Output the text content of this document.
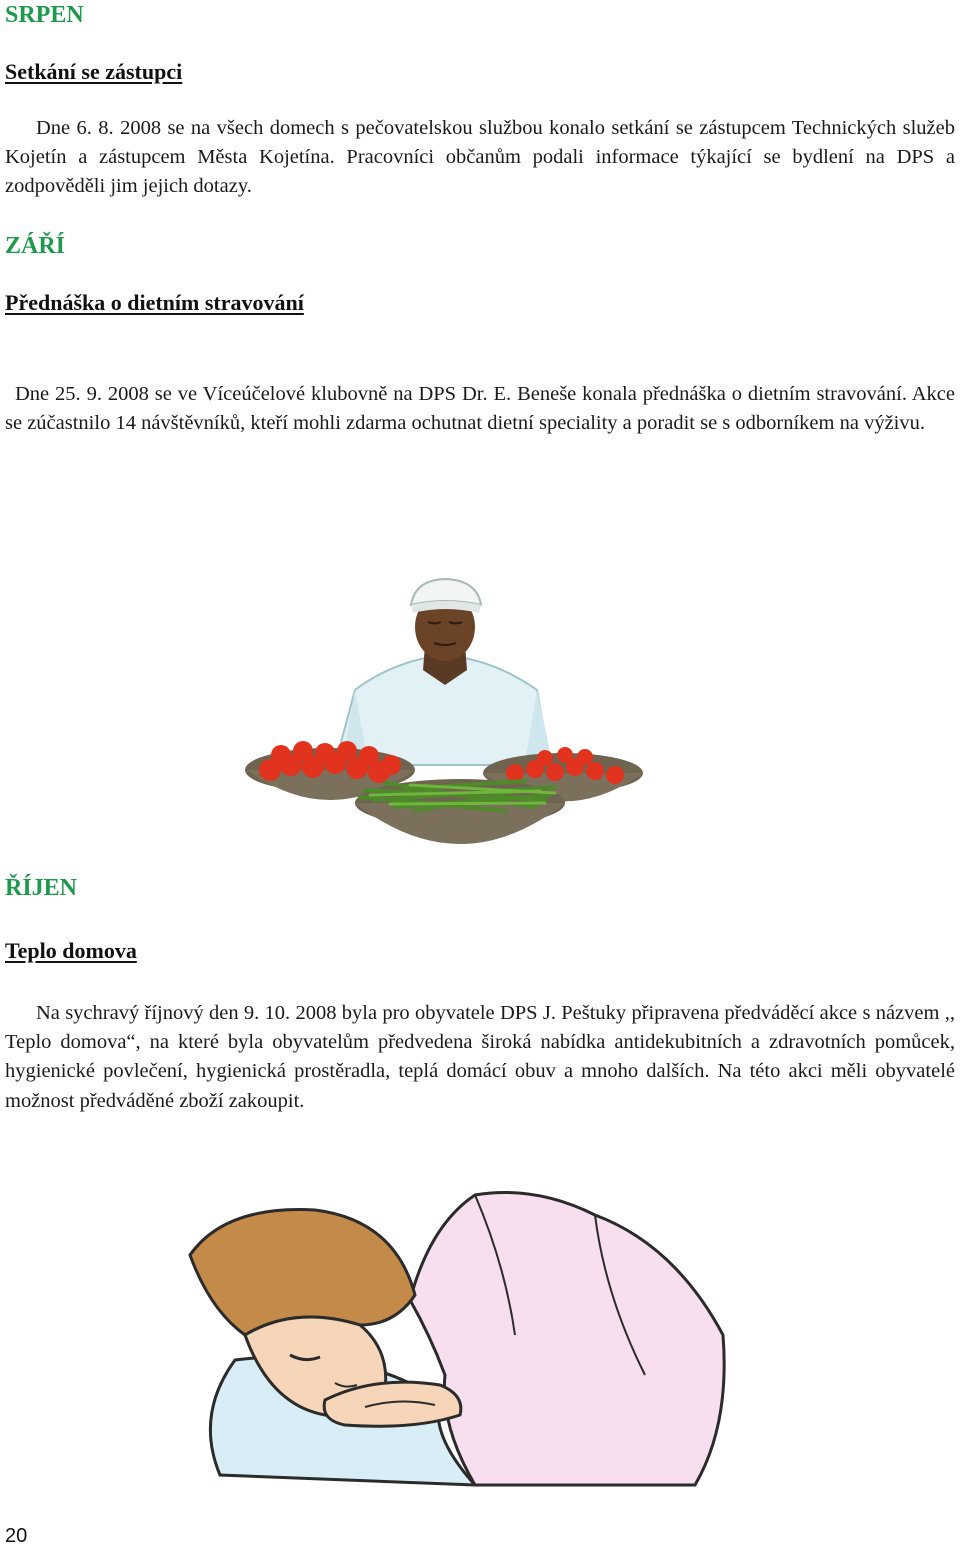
SRPEN
Setkání se zástupci

Dne 6. 8. 2008 se na všech domech s pečovatelskou službou konalo setkání se zástupcem Technických služeb Kojetín a zástupcem Města Kojetína. Pracovníci občanům podali informace týkající se bydlení na DPS a zodpověděli jim jejich dotazy.

ZÁŘÍ
Přednáška o dietním stravování

Dne 25. 9. 2008 se ve Víceúčelové klubovně na DPS Dr. E. Beneše konala přednáška o dietním stravování. Akce se zúčastnilo 14 návštěvníků, kteří mohli zdarma ochutnat dietní speciality a poradit se s odborníkem na výživu.

ŘÍJEN
Teplo domova

Na sychravý říjnový den 9. 10. 2008 byla pro obyvatele DPS J. Peštuky připravena předváděcí akce s názvem ,, Teplo domova“, na které byla obyvatelům předvedena široká nabídka antidekubitních a zdravotních pomůcek, hygienické povlečení, hygienická prostěradla, teplá domácí obuv a mnoho dalších. Na této akci měli obyvatelé možnost předváděné zboží zakoupit.

20
